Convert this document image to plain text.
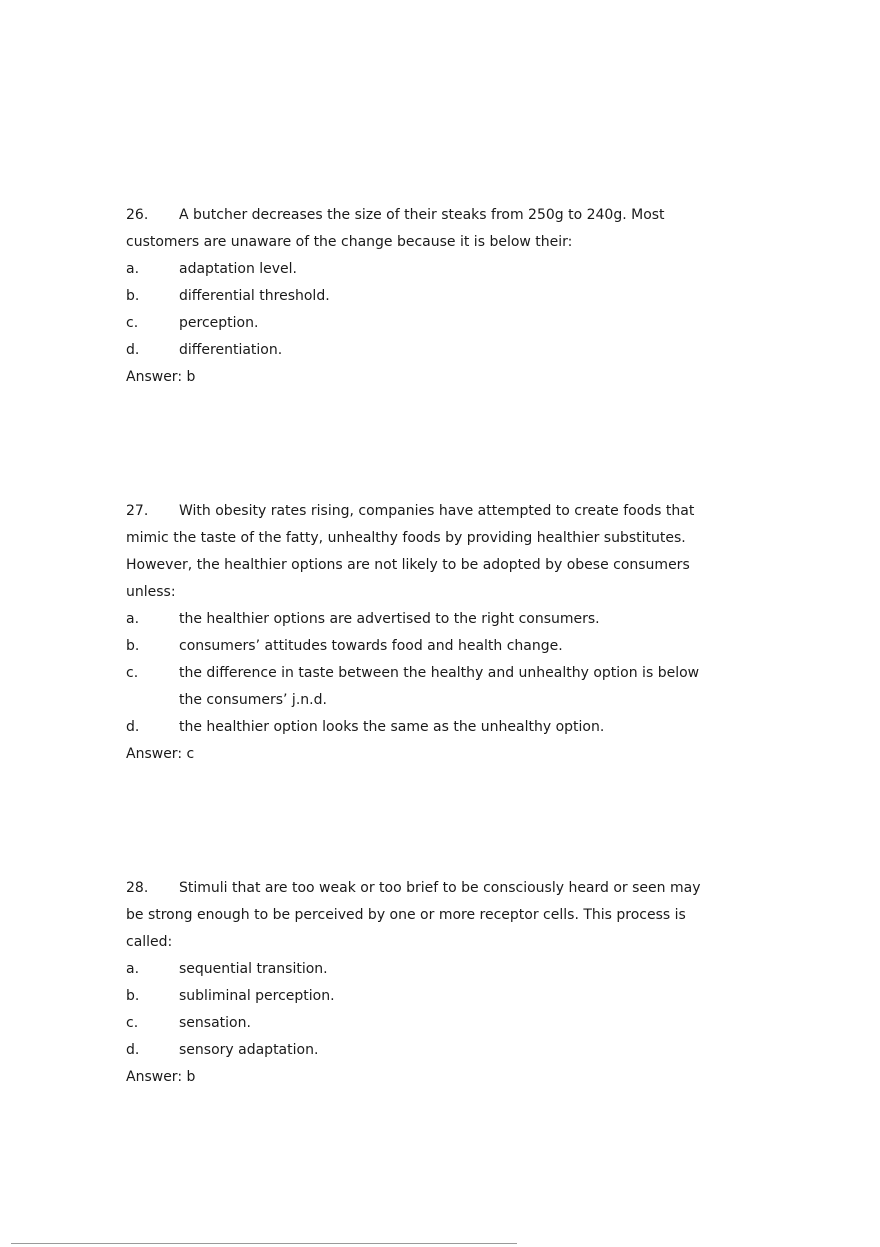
26. A butcher decreases the size of their steaks from 250g to 240g. Most
customers are unaware of the change because it is below their:
a.	adaptation level.
b.	differential threshold.
c.	perception.
d.	differentiation.
Answer: b
27. With obesity rates rising, companies have attempted to create foods that
mimic the taste of the fatty, unhealthy foods by providing healthier substitutes.
However, the healthier options are not likely to be adopted by obese consumers
unless:
a.	the healthier options are advertised to the right consumers.
b.	consumers’ attitudes towards food and health change.
c.	the difference in taste between the healthy and unhealthy option is below
the consumers’ j.n.d.
d.	the healthier option looks the same as the unhealthy option.
Answer: c
28. Stimuli that are too weak or too brief to be consciously heard or seen may
be strong enough to be perceived by one or more receptor cells. This process is
called:
a.	sequential transition.
b.	subliminal perception.
c.	sensation.
d.	sensory adaptation.
Answer: b
